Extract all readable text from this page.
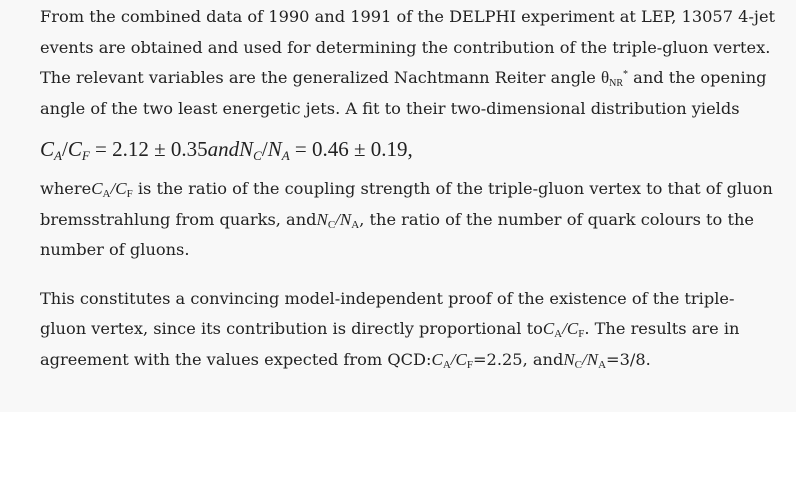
From the combined data of 1990 and 1991 of the DELPHI experiment at LEP, 13057 4-jet events are obtained and used for determining the contribution of the triple-gluon vertex. The relevant variables are the generalized Nachtmann Reiter angle $\theta_{NR}^*$ and the opening angle of the two least energetic jets. A fit to their two-dimensional distribution yields

$C_A/C_F = 2.12$ ± $0.35andN_C/N_A = 0.46 \pm 0.19$,

$whereC_A/C_F$ is the ratio of the coupling strength of the triple-gluon vertex to that of gluon bremsstrahlung from quarks, $andN_C/N_A$, the ratio of the number of quark colours to the number of gluons.

This constitutes a convincing model-independent proof of the existence of the triple-gluon vertex, since its contribution is directly proportional $toC_A/C_F$. The results are in agreement with the values expected from $QCD:C_A/C_F=2.25$, $andN_C/N_A=3/8$.
